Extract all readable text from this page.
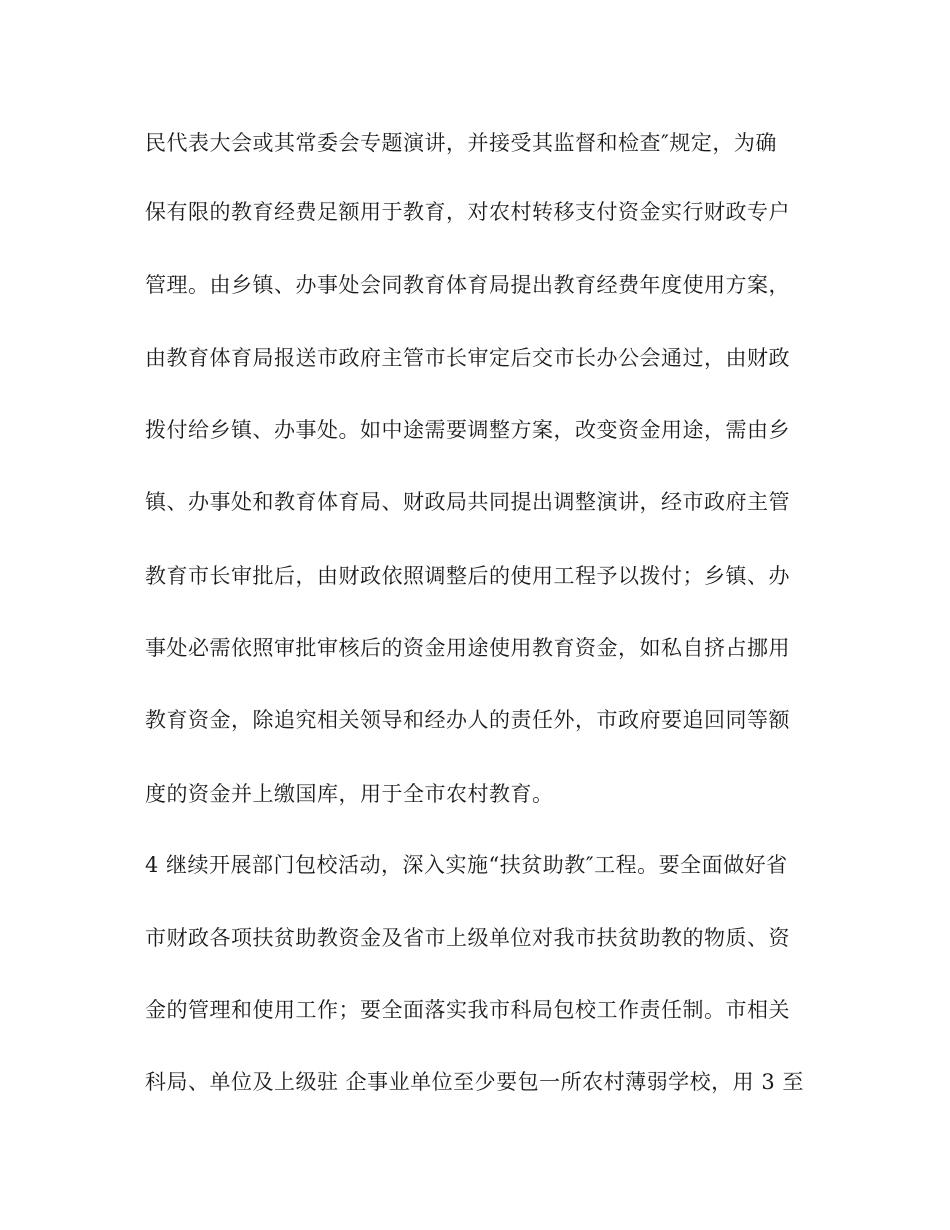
民代表大会或其常委会专题演讲，并接受其监督和检查″规定，为确
保有限的教育经费足额用于教育，对农村转移支付资金实行财政专户
管理。由乡镇、办事处会同教育体育局提出教育经费年度使用方案，
由教育体育局报送市政府主管市长审定后交市长办公会通过，由财政
拨付给乡镇、办事处。如中途需要调整方案，改变资金用途，需由乡
镇、办事处和教育体育局、财政局共同提出调整演讲，经市政府主管
教育市长审批后，由财政依照调整后的使用工程予以拨付；乡镇、办
事处必需依照审批审核后的资金用途使用教育资金，如私自挤占挪用
教育资金，除追究相关领导和经办人的责任外，市政府要追回同等额
度的资金并上缴国库，用于全市农村教育。
4 继续开展部门包校活动，深入实施“扶贫助教″工程。要全面做好省
市财政各项扶贫助教资金及省市上级单位对我市扶贫助教的物质、资
金的管理和使用工作；要全面落实我市科局包校工作责任制。市相关
科局、单位及上级驻 企事业单位至少要包一所农村薄弱学校，用 3 至
